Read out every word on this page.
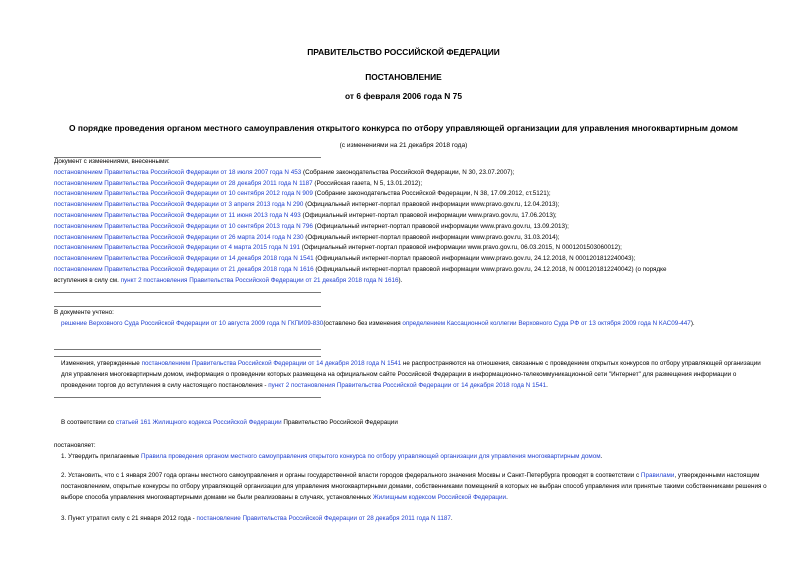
ПРАВИТЕЛЬСТВО РОССИЙСКОЙ ФЕДЕРАЦИИ
ПОСТАНОВЛЕНИЕ
от 6 февраля 2006 года N 75
О порядке проведения органом местного самоуправления открытого конкурса по отбору управляющей организации для управления многоквартирным домом
(с изменениями на 21 декабря 2018 года)
Документ с изменениями, внесенными:
постановлением Правительства Российской Федерации от 18 июля 2007 года N 453 (Собрание законодательства Российской Федерации, N 30, 23.07.2007);
постановлением Правительства Российской Федерации от 28 декабря 2011 года N 1187 (Российская газета, N 5, 13.01.2012);
постановлением Правительства Российской Федерации от 10 сентября 2012 года N 909 (Собрание законодательства Российской Федерации, N 38, 17.09.2012, ст.5121);
постановлением Правительства Российской Федерации от 3 апреля 2013 года N 290 (Официальный интернет-портал правовой информации www.pravo.gov.ru, 12.04.2013);
постановлением Правительства Российской Федерации от 11 июня 2013 года N 493 (Официальный интернет-портал правовой информации www.pravo.gov.ru, 17.06.2013);
постановлением Правительства Российской Федерации от 10 сентября 2013 года N 796 (Официальный интернет-портал правовой информации www.pravo.gov.ru, 13.09.2013);
постановлением Правительства Российской Федерации от 26 марта 2014 года N 230 (Официальный интернет-портал правовой информации www.pravo.gov.ru, 31.03.2014);
постановлением Правительства Российской Федерации от 4 марта 2015 года N 191 (Официальный интернет-портал правовой информации www.pravo.gov.ru, 06.03.2015, N 0001201503060012);
постановлением Правительства Российской Федерации от 14 декабря 2018 года N 1541 (Официальный интернет-портал правовой информации www.pravo.gov.ru, 24.12.2018, N 0001201812240043);
постановлением Правительства Российской Федерации от 21 декабря 2018 года N 1616 (Официальный интернет-портал правовой информации www.pravo.gov.ru, 24.12.2018, N 0001201812240042) (о порядке
вступления в силу см. пункт 2 постановления Правительства Российской Федерации от 21 декабря 2018 года N 1616).
В документе учтено:
решение Верховного Суда Российской Федерации от 10 августа 2009 года N ГКПИ09-830(оставлено без изменения определением Кассационной коллегии Верховного Суда РФ от 13 октября 2009 года N КАС09-447).
Изменения, утвержденные постановлением Правительства Российской Федерации от 14 декабря 2018 года N 1541 не распространяются на отношения, связанные с проведением открытых конкурсов по отбору управляющей организации для управления многоквартирным домом, информация о проведении которых размещена на официальном сайте Российской Федерации в информационно-телекоммуникационной сети "Интернет" для размещения информации о проведении торгов до вступления в силу настоящего постановления - пункт 2 постановления Правительства Российской Федерации от 14 декабря 2018 года N 1541.
В соответствии со статьей 161 Жилищного кодекса Российской Федерации Правительство Российской Федерации
постановляет:
1. Утвердить прилагаемые Правила проведения органом местного самоуправления открытого конкурса по отбору управляющей организации для управления многоквартирным домом.
2. Установить, что с 1 января 2007 года органы местного самоуправления и органы государственной власти городов федерального значения Москвы и Санкт-Петербурга проводят в соответствии с Правилами, утвержденными настоящим постановлением, открытые конкурсы по отбору управляющей организации для управления многоквартирными домами, собственниками помещений в которых не выбран способ управления или принятые такими собственниками решения о выборе способа управления многоквартирными домами не были реализованы в случаях, установленных Жилищным кодексом Российской Федерации.
3. Пункт утратил силу с 21 января 2012 года - постановление Правительства Российской Федерации от 28 декабря 2011 года N 1187.
